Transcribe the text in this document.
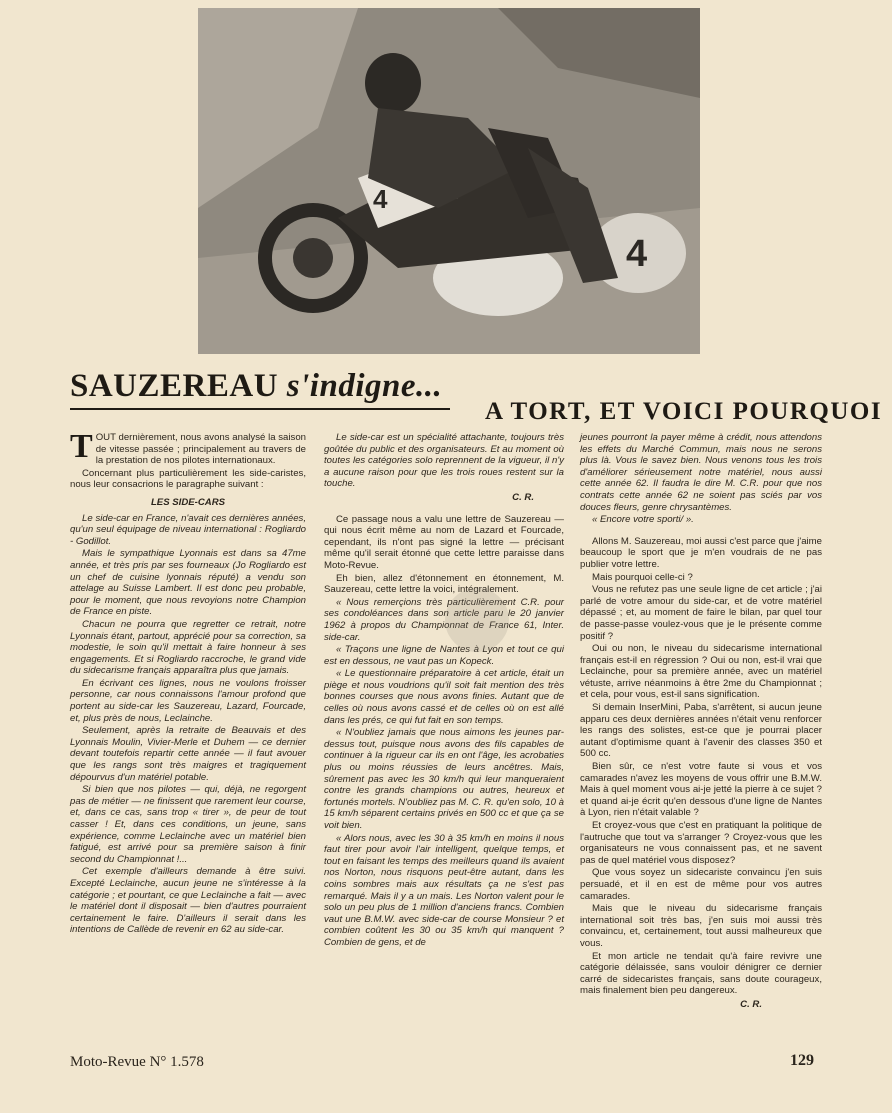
4
4
SAUZEREAU s'indigne...
A TORT, ET VOICI POURQUOI

TOUT dernièrement, nous avons analysé la saison de vitesse passée ; principalement au travers de la prestation de nos pilotes internationaux.

Concernant plus particulièrement les side-caristes, nous leur consacrions le paragraphe suivant :

LES SIDE-CARS

Le side-car en France, n'avait ces dernières années, qu'un seul équipage de niveau international : Rogliardo - Godillot.

Mais le sympathique Lyonnais est dans sa 47me année, et très pris par ses fourneaux (Jo Rogliardo est un chef de cuisine lyonnais réputé) a vendu son attelage au Suisse Lambert. Il est donc peu probable, pour le moment, que nous revoyions notre Champion de France en piste.

Chacun ne pourra que regretter ce retrait, notre Lyonnais étant, partout, apprécié pour sa correction, sa modestie, le soin qu'il mettait à faire honneur à ses engagements. Et si Rogliardo raccroche, le grand vide du sidecarisme français apparaîtra plus que jamais.

En écrivant ces lignes, nous ne voulons froisser personne, car nous connaissons l'amour profond que portent au side-car les Sauzereau, Lazard, Fourcade, et, plus près de nous, Leclainche.

Seulement, après la retraite de Beauvais et des Lyonnais Moulin, Vivier-Merle et Duhem — ce dernier devant toutefois repartir cette année — il faut avouer que les rangs sont très maigres et tragiquement dépourvus d'un matériel potable.

Si bien que nos pilotes — qui, déjà, ne regorgent pas de métier — ne finissent que rarement leur course, et, dans ce cas, sans trop « tirer », de peur de tout casser ! Et, dans ces conditions, un jeune, sans expérience, comme Leclainche avec un matériel bien fatigué, est arrivé pour sa première saison à finir second du Championnat !...

Cet exemple d'ailleurs demande à être suivi. Excepté Leclainche, aucun jeune ne s'intéresse à la catégorie ; et pourtant, ce que Leclainche a fait — avec le matériel dont il disposait — bien d'autres pourraient certainement le faire. D'ailleurs il serait dans les intentions de Callède de revenir en 62 au side-car.

Le side-car est un spécialité attachante, toujours très goûtée du public et des organisateurs. Et au moment où toutes les catégories solo reprennent de la vigueur, il n'y a aucune raison pour que les trois roues restent sur la touche.

C. R.

Ce passage nous a valu une lettre de Sauzereau — qui nous écrit même au nom de Lazard et Fourcade, cependant, ils n'ont pas signé la lettre — précisant même qu'il serait étonné que cette lettre paraisse dans Moto-Revue.

Eh bien, allez d'étonnement en étonnement, M. Sauzereau, cette lettre la voici, intégralement.

« Nous remerçions très particulièrement C.R. pour ses condoléances dans son article paru le 20 janvier 1962 à propos du Championnat de France 61, Inter. side-car.

« Traçons une ligne de Nantes à Lyon et tout ce qui est en dessous, ne vaut pas un Kopeck.

« Le questionnaire préparatoire à cet article, était un piège et nous voudrions qu'il soit fait mention des très bonnes courses que nous avons finies. Autant que de celles où nous avons cassé et de celles où on est allé dans les prés, ce qui fut fait en son temps.

« N'oubliez jamais que nous aimons les jeunes par-dessus tout, puisque nous avons des fils capables de continuer à la rigueur car ils en ont l'âge, les acrobaties plus ou moins réussies de leurs ancêtres. Mais, sûrement pas avec les 30 km/h qui leur manqueraient contre les grands champions ou autres, heureux et fortunés mortels. N'oubliez pas M. C. R. qu'en solo, 10 à 15 km/h séparent certains privés en 500 cc et que ça se voit bien.

« Alors nous, avec les 30 à 35 km/h en moins il nous faut tirer pour avoir l'air intelligent, quelque temps, et tout en faisant les temps des meilleurs quand ils avaient nos Norton, nous risquons peut-être autant, dans les coins sombres mais aux résultats ça ne s'est pas remarqué. Mais il y a un mais. Les Norton valent pour le solo un peu plus de 1 million d'anciens francs. Combien vaut une B.M.W. avec side-car de course Monsieur ? et combien coûtent les 30 ou 35 km/h qui manquent ? Combien de gens, et de

jeunes pourront la payer même à crédit, nous attendons les effets du Marché Commun, mais nous ne serons plus là. Vous le savez bien. Nous venons tous les trois d'améliorer sérieusement notre matériel, nous aussi cette année 62. Il faudra le dire M. C.R. pour que nos contrats cette année 62 ne soient pas sciés par vos douces fleurs, genre chrysantèmes.

« Encore votre sporti/ ».

Allons M. Sauzereau, moi aussi c'est parce que j'aime beaucoup le sport que je m'en voudrais de ne pas publier votre lettre.

Mais pourquoi celle-ci ?

Vous ne refutez pas une seule ligne de cet article ; j'ai parlé de votre amour du side-car, et de votre matériel dépassé ; et, au moment de faire le bilan, par quel tour de passe-passe voulez-vous que je le présente comme positif ?

Oui ou non, le niveau du sidecarisme international français est-il en régression ? Oui ou non, est-il vrai que Leclainche, pour sa première année, avec un matériel vétuste, arrive néanmoins à être 2me du Championnat ; et cela, pour vous, est-il sans signification.

Si demain InserMini, Paba, s'arrêtent, si aucun jeune apparu ces deux dernières années n'était venu renforcer les rangs des solistes, est-ce que je pourrai placer autant d'optimisme quant à l'avenir des classes 350 et 500 cc.

Bien sûr, ce n'est votre faute si vous et vos camarades n'avez les moyens de vous offrir une B.M.W. Mais à quel moment vous ai-je jetté la pierre à ce sujet ? et quand ai-je écrit qu'en dessous d'une ligne de Nantes à Lyon, rien n'était valable ?

Et croyez-vous que c'est en pratiquant la politique de l'autruche que tout va s'arranger ? Croyez-vous que les organisateurs ne vous connaissent pas, et ne savent pas de quel matériel vous disposez?

Que vous soyez un sidecariste convaincu j'en suis persuadé, et il en est de même pour vos autres camarades.

Mais que le niveau du sidecarisme français international soit très bas, j'en suis moi aussi très convaincu, et, certainement, tout aussi malheureux que vous.

Et mon article ne tendait qu'à faire revivre une catégorie délaissée, sans vouloir dénigrer ce dernier carré de sidecaristes français, sans doute courageux, mais finalement bien peu dangereux.

C. R.

Moto-Revue N° 1.578	129
